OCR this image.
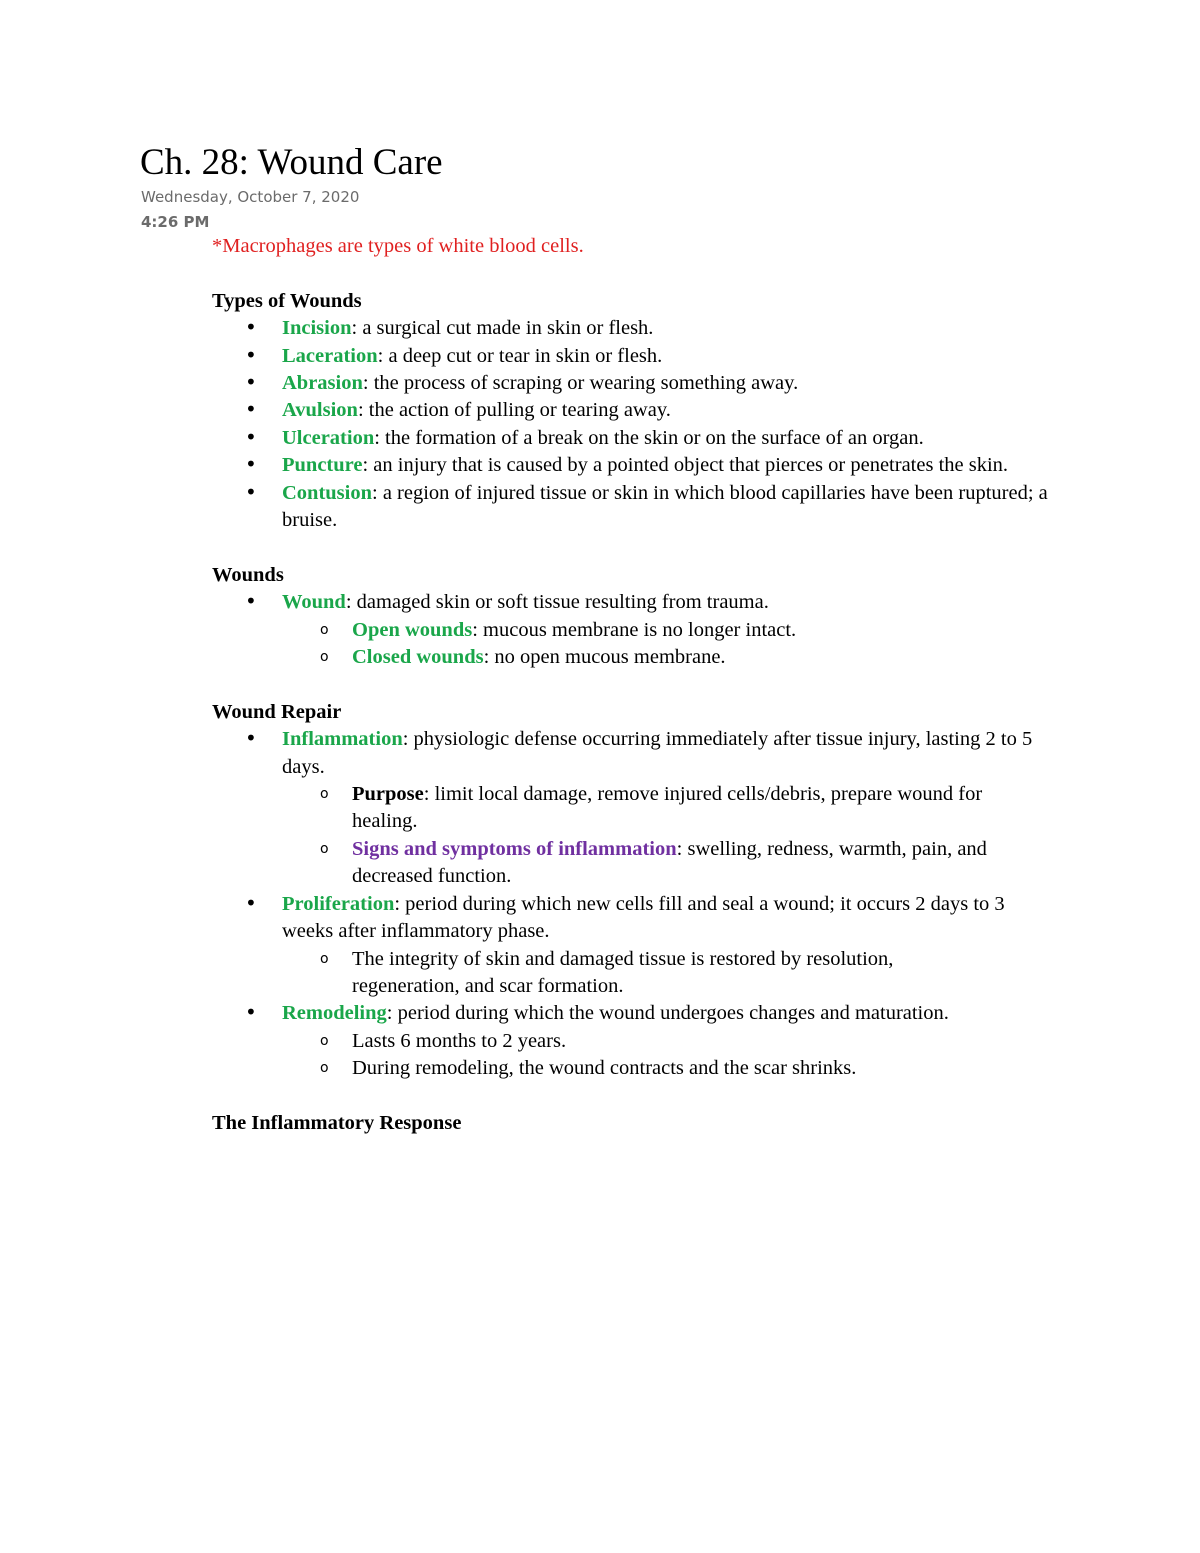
Ch. 28: Wound Care
Wednesday, October 7, 2020
4:26 PM

*Macrophages are types of white blood cells.

Types of Wounds

• Incision: a surgical cut made in skin or flesh.
• Laceration: a deep cut or tear in skin or flesh.
• Abrasion: the process of scraping or wearing something away.
• Avulsion: the action of pulling or tearing away.
• Ulceration: the formation of a break on the skin or on the surface of an organ.
• Puncture: an injury that is caused by a pointed object that pierces or penetrates the skin.
• Contusion: a region of injured tissue or skin in which blood capillaries have been ruptured; a bruise.

Wounds

• Wound: damaged skin or soft tissue resulting from trauma.
o Open wounds: mucous membrane is no longer intact.
o Closed wounds: no open mucous membrane.

Wound Repair

• Inflammation: physiologic defense occurring immediately after tissue injury, lasting 2 to 5 days.
o Purpose: limit local damage, remove injured cells/debris, prepare wound for healing.
o Signs and symptoms of inflammation: swelling, redness, warmth, pain, and decreased function.
• Proliferation: period during which new cells fill and seal a wound; it occurs 2 days to 3 weeks after inflammatory phase.
o The integrity of skin and damaged tissue is restored by resolution, regeneration, and scar formation.
• Remodeling: period during which the wound undergoes changes and maturation.
o Lasts 6 months to 2 years.
o During remodeling, the wound contracts and the scar shrinks.

The Inflammatory Response
